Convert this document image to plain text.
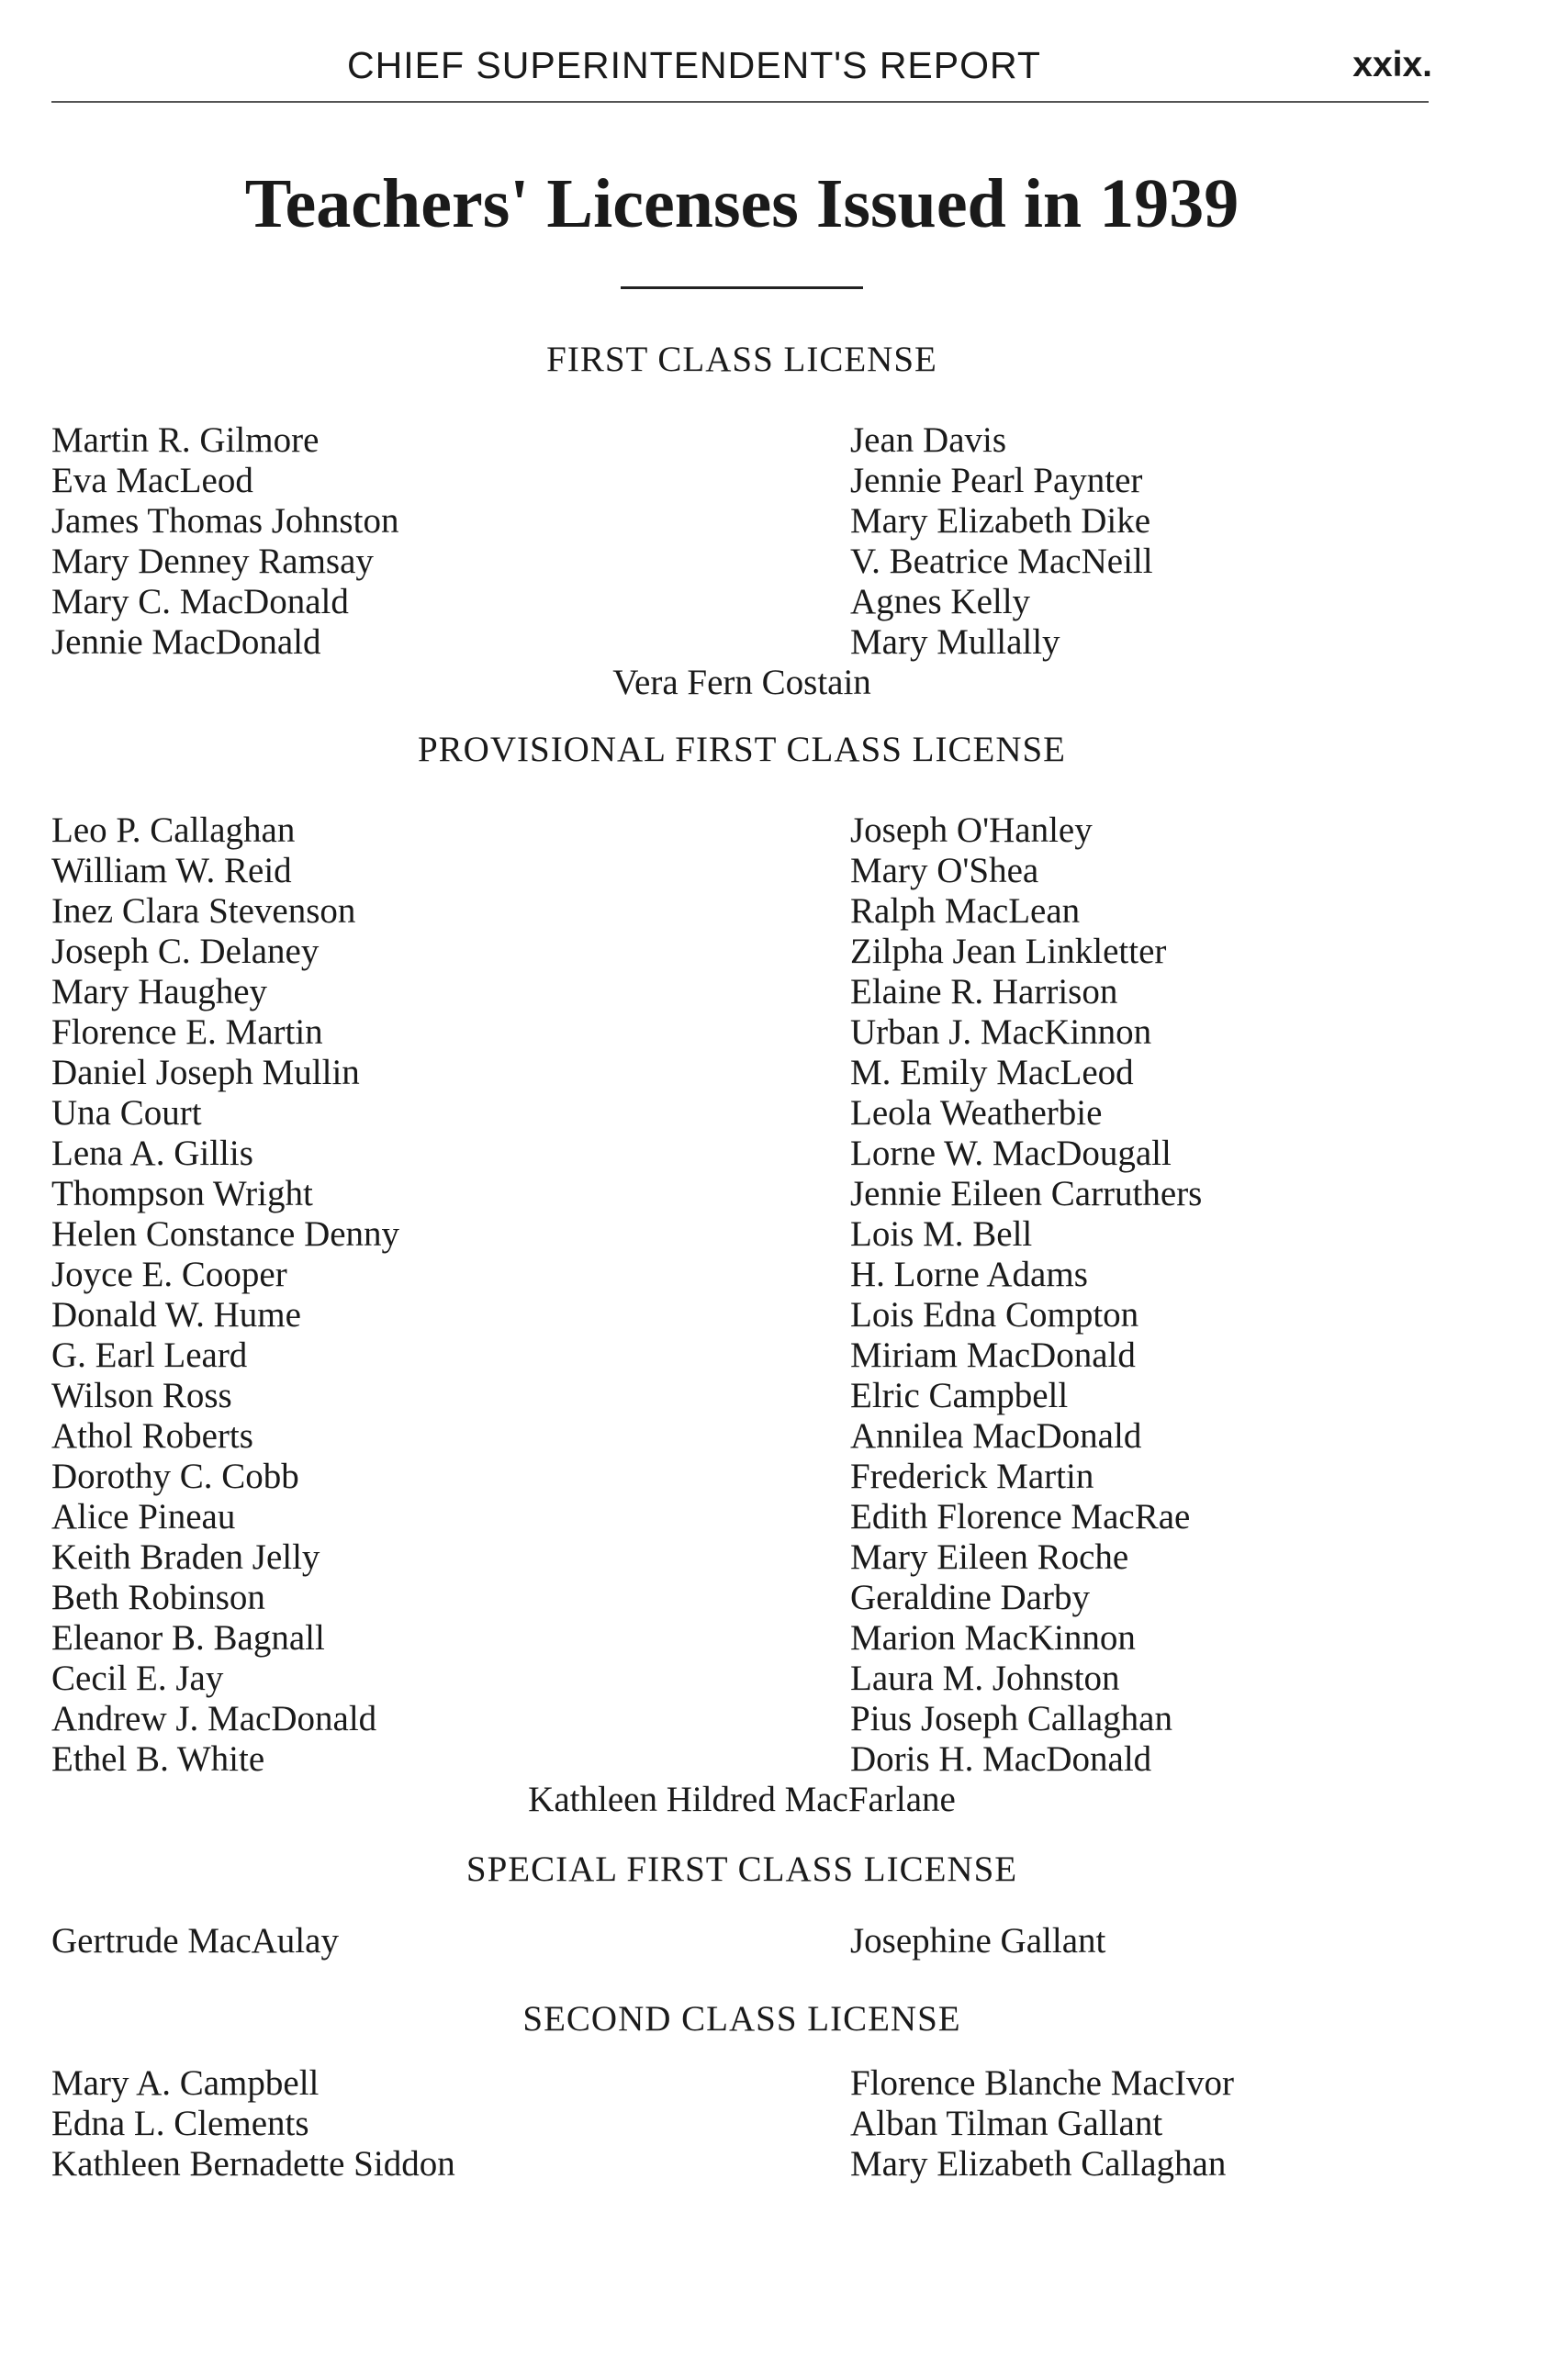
CHIEF SUPERINTENDENT'S REPORT	xxix.
Teachers' Licenses Issued in 1939
FIRST CLASS LICENSE
Martin R. Gilmore
Eva MacLeod
James Thomas Johnston
Mary Denney Ramsay
Mary C. MacDonald
Jennie MacDonald
Jean Davis
Jennie Pearl Paynter
Mary Elizabeth Dike
V. Beatrice MacNeill
Agnes Kelly
Mary Mullally
Vera Fern Costain
PROVISIONAL FIRST CLASS LICENSE
Leo P. Callaghan
William W. Reid
Inez Clara Stevenson
Joseph C. Delaney
Mary Haughey
Florence E. Martin
Daniel Joseph Mullin
Una Court
Lena A. Gillis
Thompson Wright
Helen Constance Denny
Joyce E. Cooper
Donald W. Hume
G. Earl Leard
Wilson Ross
Athol Roberts
Dorothy C. Cobb
Alice Pineau
Keith Braden Jelly
Beth Robinson
Eleanor B. Bagnall
Cecil E. Jay
Andrew J. MacDonald
Ethel B. White
Joseph O'Hanley
Mary O'Shea
Ralph MacLean
Zilpha Jean Linkletter
Elaine R. Harrison
Urban J. MacKinnon
M. Emily MacLeod
Leola Weatherbie
Lorne W. MacDougall
Jennie Eileen Carruthers
Lois M. Bell
H. Lorne Adams
Lois Edna Compton
Miriam MacDonald
Elric Campbell
Annilea MacDonald
Frederick Martin
Edith Florence MacRae
Mary Eileen Roche
Geraldine Darby
Marion MacKinnon
Laura M. Johnston
Pius Joseph Callaghan
Doris H. MacDonald
Kathleen Hildred MacFarlane
SPECIAL FIRST CLASS LICENSE
Gertrude MacAulay	Josephine Gallant
SECOND CLASS LICENSE
Mary A. Campbell
Edna L. Clements
Kathleen Bernadette Siddon
Florence Blanche MacIvor
Alban Tilman Gallant
Mary Elizabeth Callaghan
